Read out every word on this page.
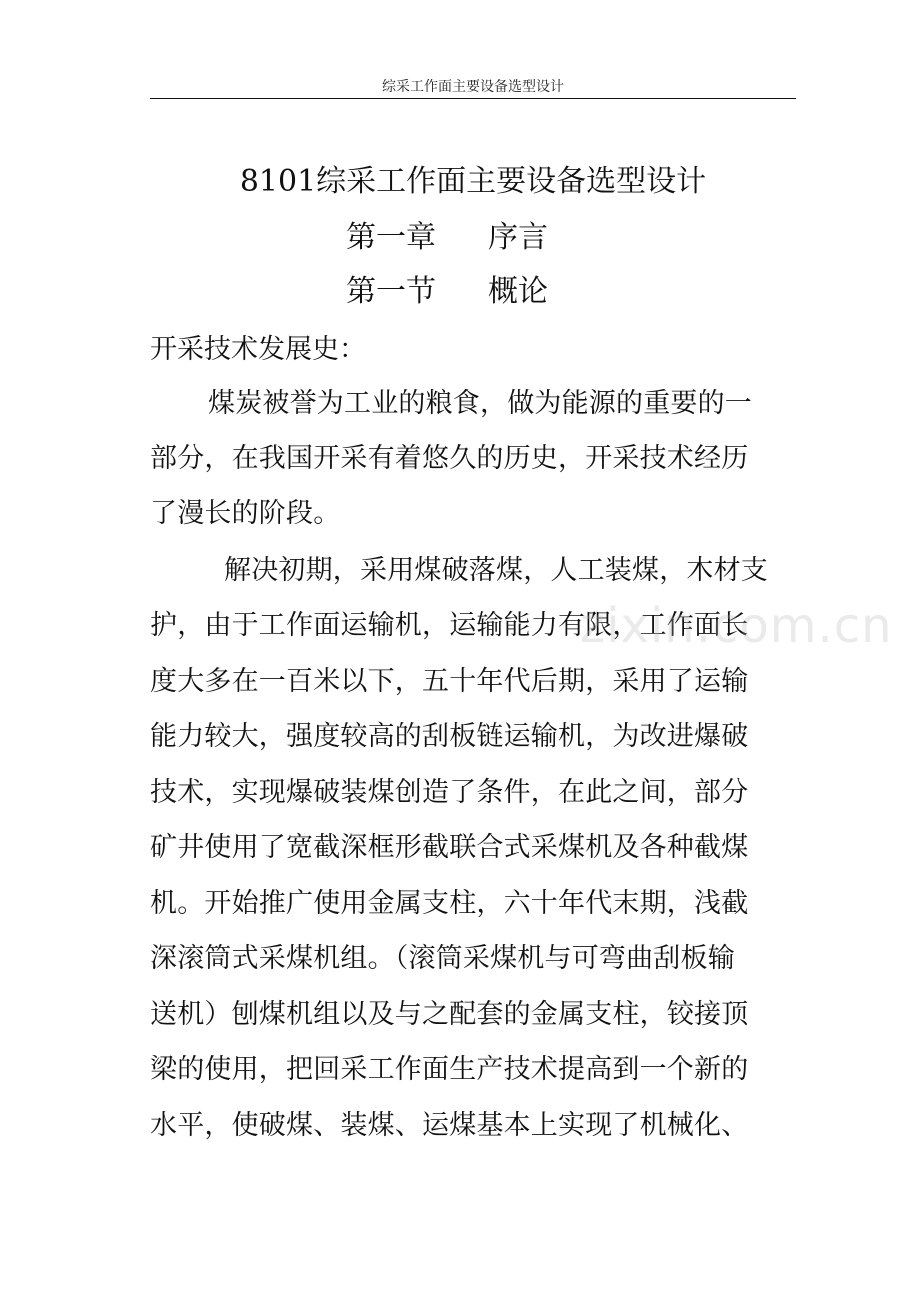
综采工作面主要设备选型设计
8101综采工作面主要设备选型设计
第一章 序言
第一节 概论
开采技术发展史：
煤炭被誉为工业的粮食，做为能源的重要的一
部分，在我国开采有着悠久的历史，开采技术经历
了漫长的阶段。
解决初期，采用煤破落煤，人工装煤，木材支
护，由于工作面运输机，运输能力有限，工作面长
度大多在一百米以下，五十年代后期，采用了运输
能力较大，强度较高的刮板链运输机，为改进爆破
技术，实现爆破装煤创造了条件，在此之间，部分
矿井使用了宽截深框形截联合式采煤机及各种截煤
机。开始推广使用金属支柱，六十年代末期，浅截
深滚筒式采煤机组。（滚筒采煤机与可弯曲刮板输
送机）刨煤机组以及与之配套的金属支柱，铰接顶
梁的使用，把回采工作面生产技术提高到一个新的
水平，使破煤、装煤、运煤基本上实现了机械化、
zixin.com.cn
